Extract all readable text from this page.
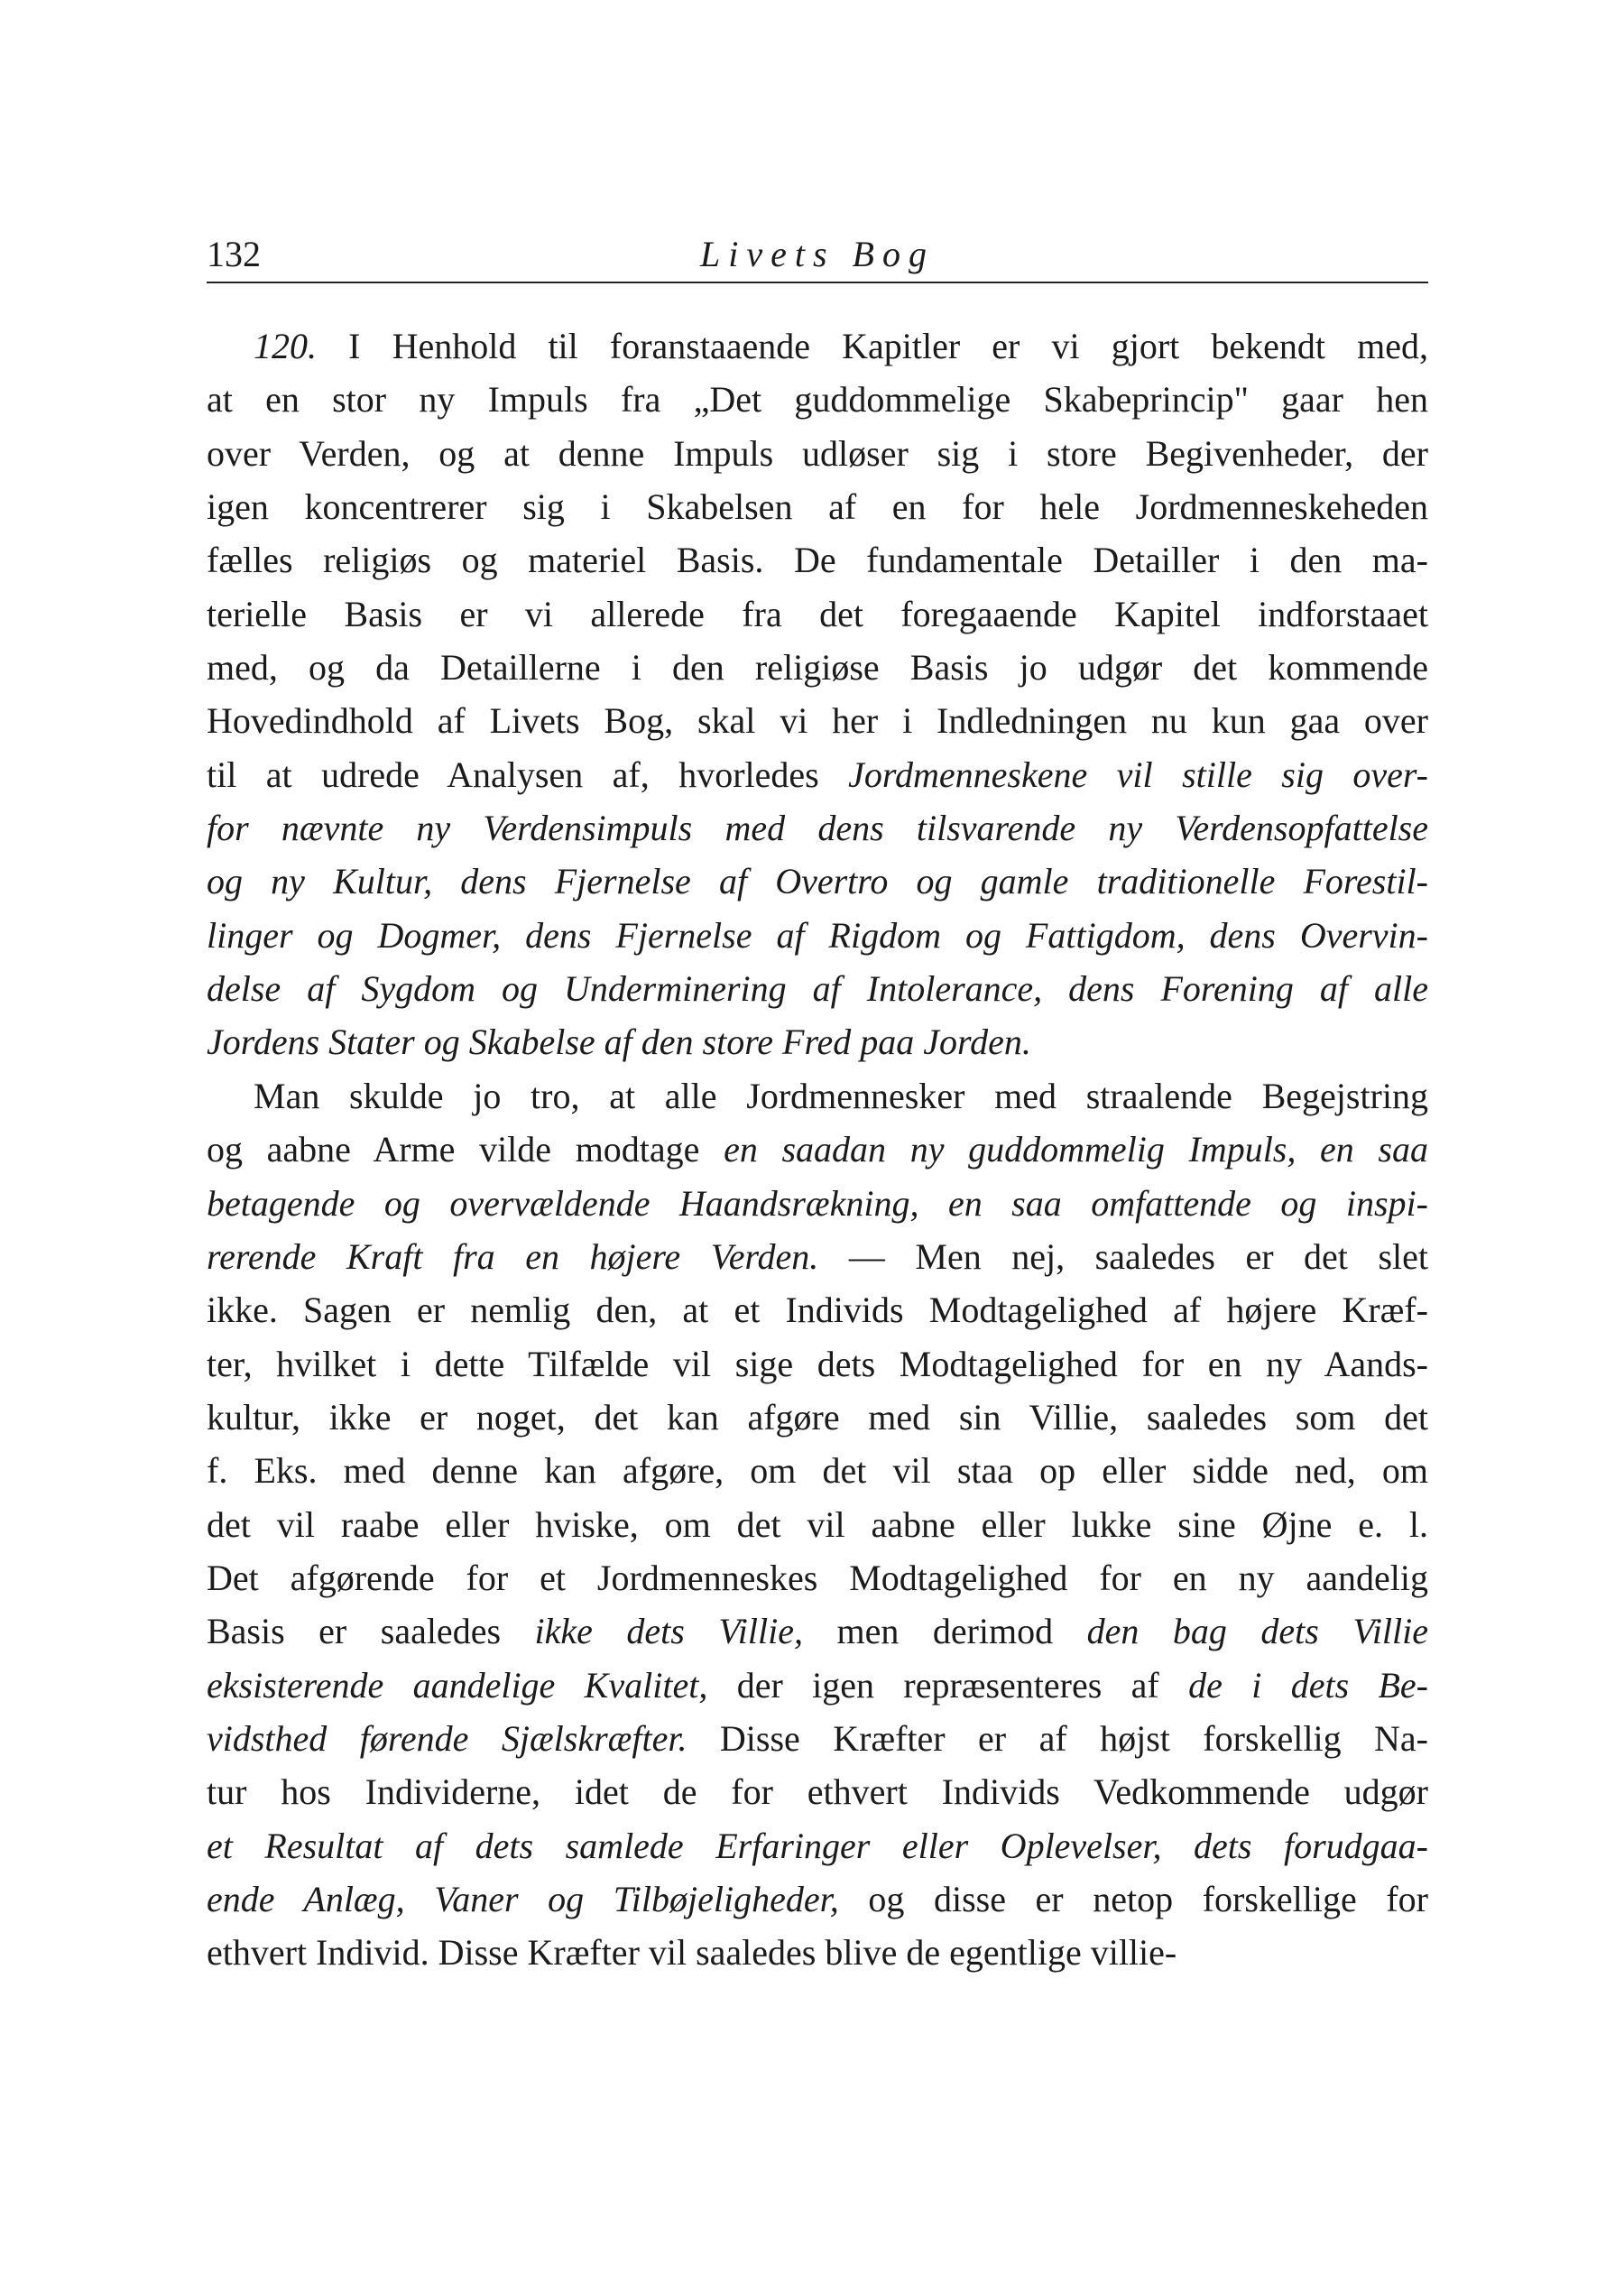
132	Livets Bog
120. I Henhold til foranstaaende Kapitler er vi gjort bekendt med,
at en stor ny Impuls fra „Det guddommelige Skabeprincip" gaar hen
over Verden, og at denne Impuls udløser sig i store Begivenheder, der
igen koncentrerer sig i Skabelsen af en for hele Jordmenneskeheden
fælles religiøs og materiel Basis. De fundamentale Detailler i den ma-
terielle Basis er vi allerede fra det foregaaende Kapitel indforstaaet
med, og da Detaillerne i den religiøse Basis jo udgør det kommende
Hovedindhold af Livets Bog, skal vi her i Indledningen nu kun gaa over
til at udrede Analysen af, hvorledes Jordmenneskene vil stille sig over-
for nævnte ny Verdensimpuls med dens tilsvarende ny Verdensopfattelse
og ny Kultur, dens Fjernelse af Overtro og gamle traditionelle Forestil-
linger og Dogmer, dens Fjernelse af Rigdom og Fattigdom, dens Overvin-
delse af Sygdom og Underminering af Intolerance, dens Forening af alle
Jordens Stater og Skabelse af den store Fred paa Jorden.
Man skulde jo tro, at alle Jordmennesker med straalende Begejstring
og aabne Arme vilde modtage en saadan ny guddommelig Impuls, en saa
betagende og overvældende Haandsrækning, en saa omfattende og inspi-
rerende Kraft fra en højere Verden. — Men nej, saaledes er det slet
ikke. Sagen er nemlig den, at et Individs Modtagelighed af højere Kræf-
ter, hvilket i dette Tilfælde vil sige dets Modtagelighed for en ny Aands-
kultur, ikke er noget, det kan afgøre med sin Villie, saaledes som det
f. Eks. med denne kan afgøre, om det vil staa op eller sidde ned, om
det vil raabe eller hviske, om det vil aabne eller lukke sine Øjne e. l.
Det afgørende for et Jordmenneskes Modtagelighed for en ny aandelig
Basis er saaledes ikke dets Villie, men derimod den bag dets Villie
eksisterende aandelige Kvalitet, der igen repræsenteres af de i dets Be-
vidsthed førende Sjælskræfter. Disse Kræfter er af højst forskellig Na-
tur hos Individerne, idet de for ethvert Individs Vedkommende udgør
et Resultat af dets samlede Erfaringer eller Oplevelser, dets forudgaa-
ende Anlæg, Vaner og Tilbøjeligheder, og disse er netop forskellige for
ethvert Individ. Disse Kræfter vil saaledes blive de egentlige villie-
